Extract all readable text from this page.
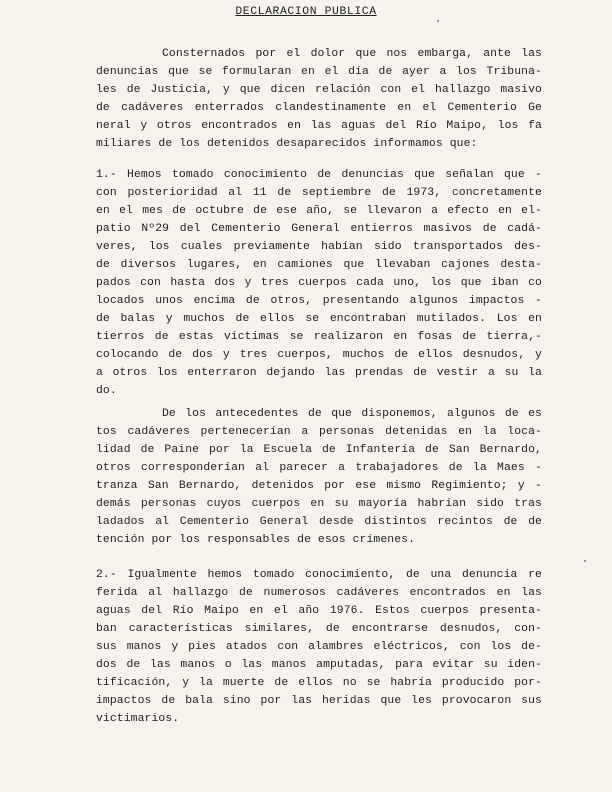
DECLARACION PUBLICA
Consternados por el dolor que nos embarga, ante las
denuncias que se formularan en el día de ayer a los Tribuna-
les de Justicia, y que dicen relación con el hallazgo masivo
de cadáveres enterrados clandestinamente en el Cementerio Ge
neral y otros encontrados en las aguas del Río Maipo, los fa
miliares de los detenidos desaparecidos informamos que:
1.- Hemos tomado conocimiento de denuncias que señalan que -
con posterioridad al 11 de septiembre de 1973, concretamente
en el mes de octubre de ese año, se llevaron a efecto en el-
patio Nº29 del Cementerio General entierros masivos de cadá-
veres, los cuales previamente habían sido transportados des-
de diversos lugares, en camiones que llevaban cajones desta-
pados con hasta dos y tres cuerpos cada uno, los que iban co
locados unos encima de otros, presentando algunos impactos -
de balas y muchos de ellos se encontraban mutilados. Los en
tierros de estas víctimas se realizaron en fosas de tierra,-
colocando de dos y tres cuerpos, muchos de ellos desnudos, y
a otros los enterraron dejando las prendas de vestir a su la
do.
De los antecedentes de que disponemos, algunos de es
tos cadáveres pertenecerían a personas detenidas en la loca-
lidad de Paine por la Escuela de Infantería de San Bernardo,
otros corresponderían al parecer a trabajadores de la Maes -
tranza San Bernardo, detenidos por ese mismo Regimiento; y -
demás personas cuyos cuerpos en su mayoría habrían sido tras
ladados al Cementerio General desde distintos recintos de de
tención por los responsables de esos crímenes.
2.- Igualmente hemos tomado conocimiento, de una denuncia re
ferida al hallazgo de numerosos cadáveres encontrados en las
aguas del Río Maipo en el año 1976. Estos cuerpos presenta-
ban características similares, de encontrarse desnudos, con-
sus manos y pies atados con alambres eléctricos, con los de-
dos de las manos o las manos amputadas, para evitar su iden-
tificación, y la muerte de ellos no se habría producido por-
impactos de bala sino por las heridas que les provocaron sus
victimarios.
